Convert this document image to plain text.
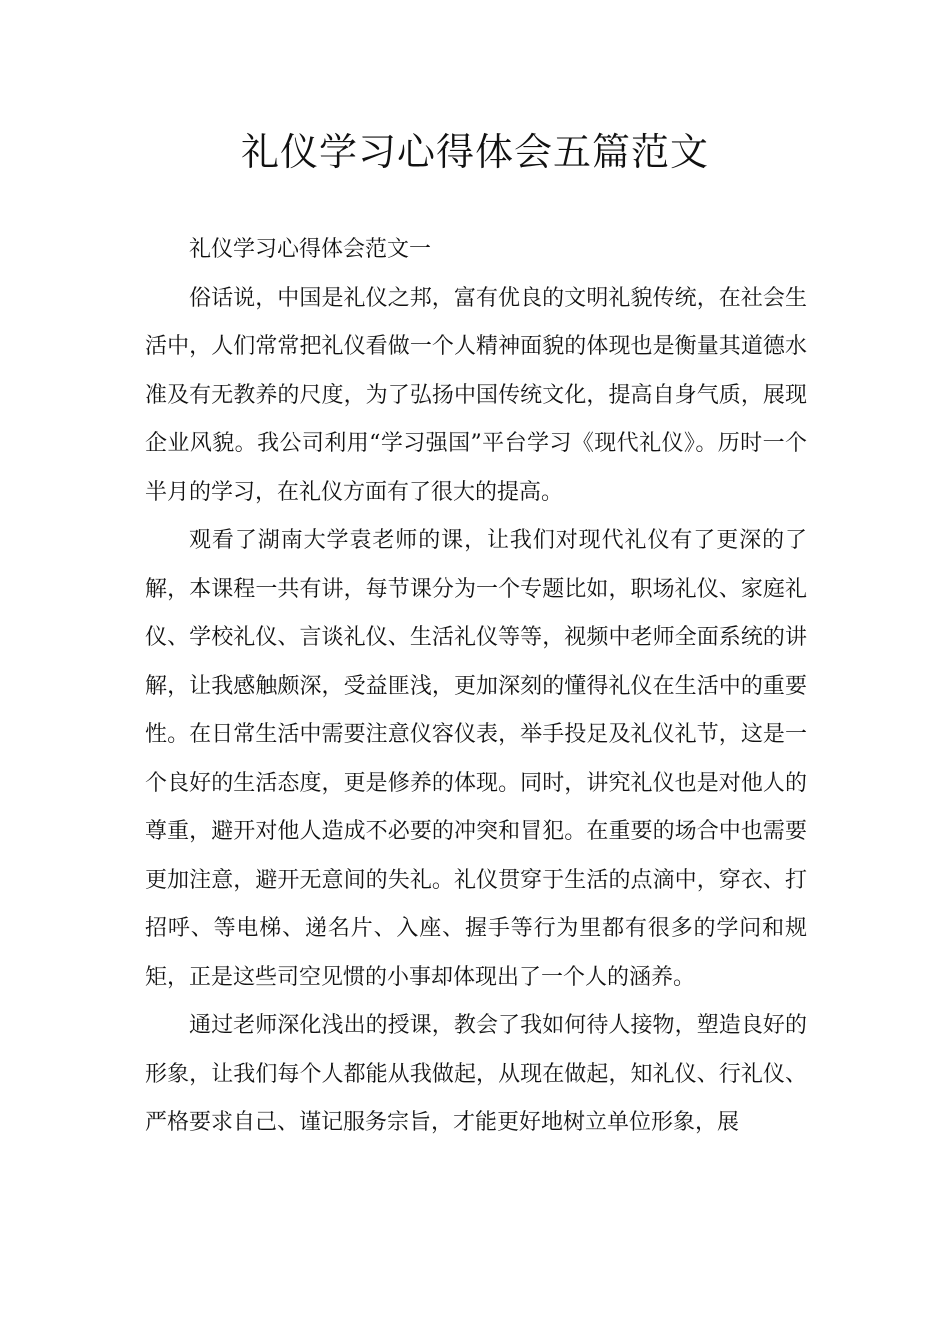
礼仪学习心得体会五篇范文

礼仪学习心得体会范文一

俗话说，中国是礼仪之邦，富有优良的文明礼貌传统，在社会生活中，人们常常把礼仪看做一个人精神面貌的体现也是衡量其道德水准及有无教养的尺度，为了弘扬中国传统文化，提高自身气质，展现企业风貌。我公司利用“学习强国”平台学习《现代礼仪》。历时一个半月的学习，在礼仪方面有了很大的提高。

观看了湖南大学袁老师的课，让我们对现代礼仪有了更深的了解，本课程一共有讲，每节课分为一个专题比如，职场礼仪、家庭礼仪、学校礼仪、言谈礼仪、生活礼仪等等，视频中老师全面系统的讲解，让我感触颇深，受益匪浅，更加深刻的懂得礼仪在生活中的重要性。在日常生活中需要注意仪容仪表，举手投足及礼仪礼节，这是一个良好的生活态度，更是修养的体现。同时，讲究礼仪也是对他人的尊重，避开对他人造成不必要的冲突和冒犯。在重要的场合中也需要更加注意，避开无意间的失礼。礼仪贯穿于生活的点滴中，穿衣、打招呼、等电梯、递名片、入座、握手等行为里都有很多的学问和规矩，正是这些司空见惯的小事却体现出了一个人的涵养。

通过老师深化浅出的授课，教会了我如何待人接物，塑造良好的形象，让我们每个人都能从我做起，从现在做起，知礼仪、行礼仪、严格要求自己、谨记服务宗旨，才能更好地树立单位形象，展
